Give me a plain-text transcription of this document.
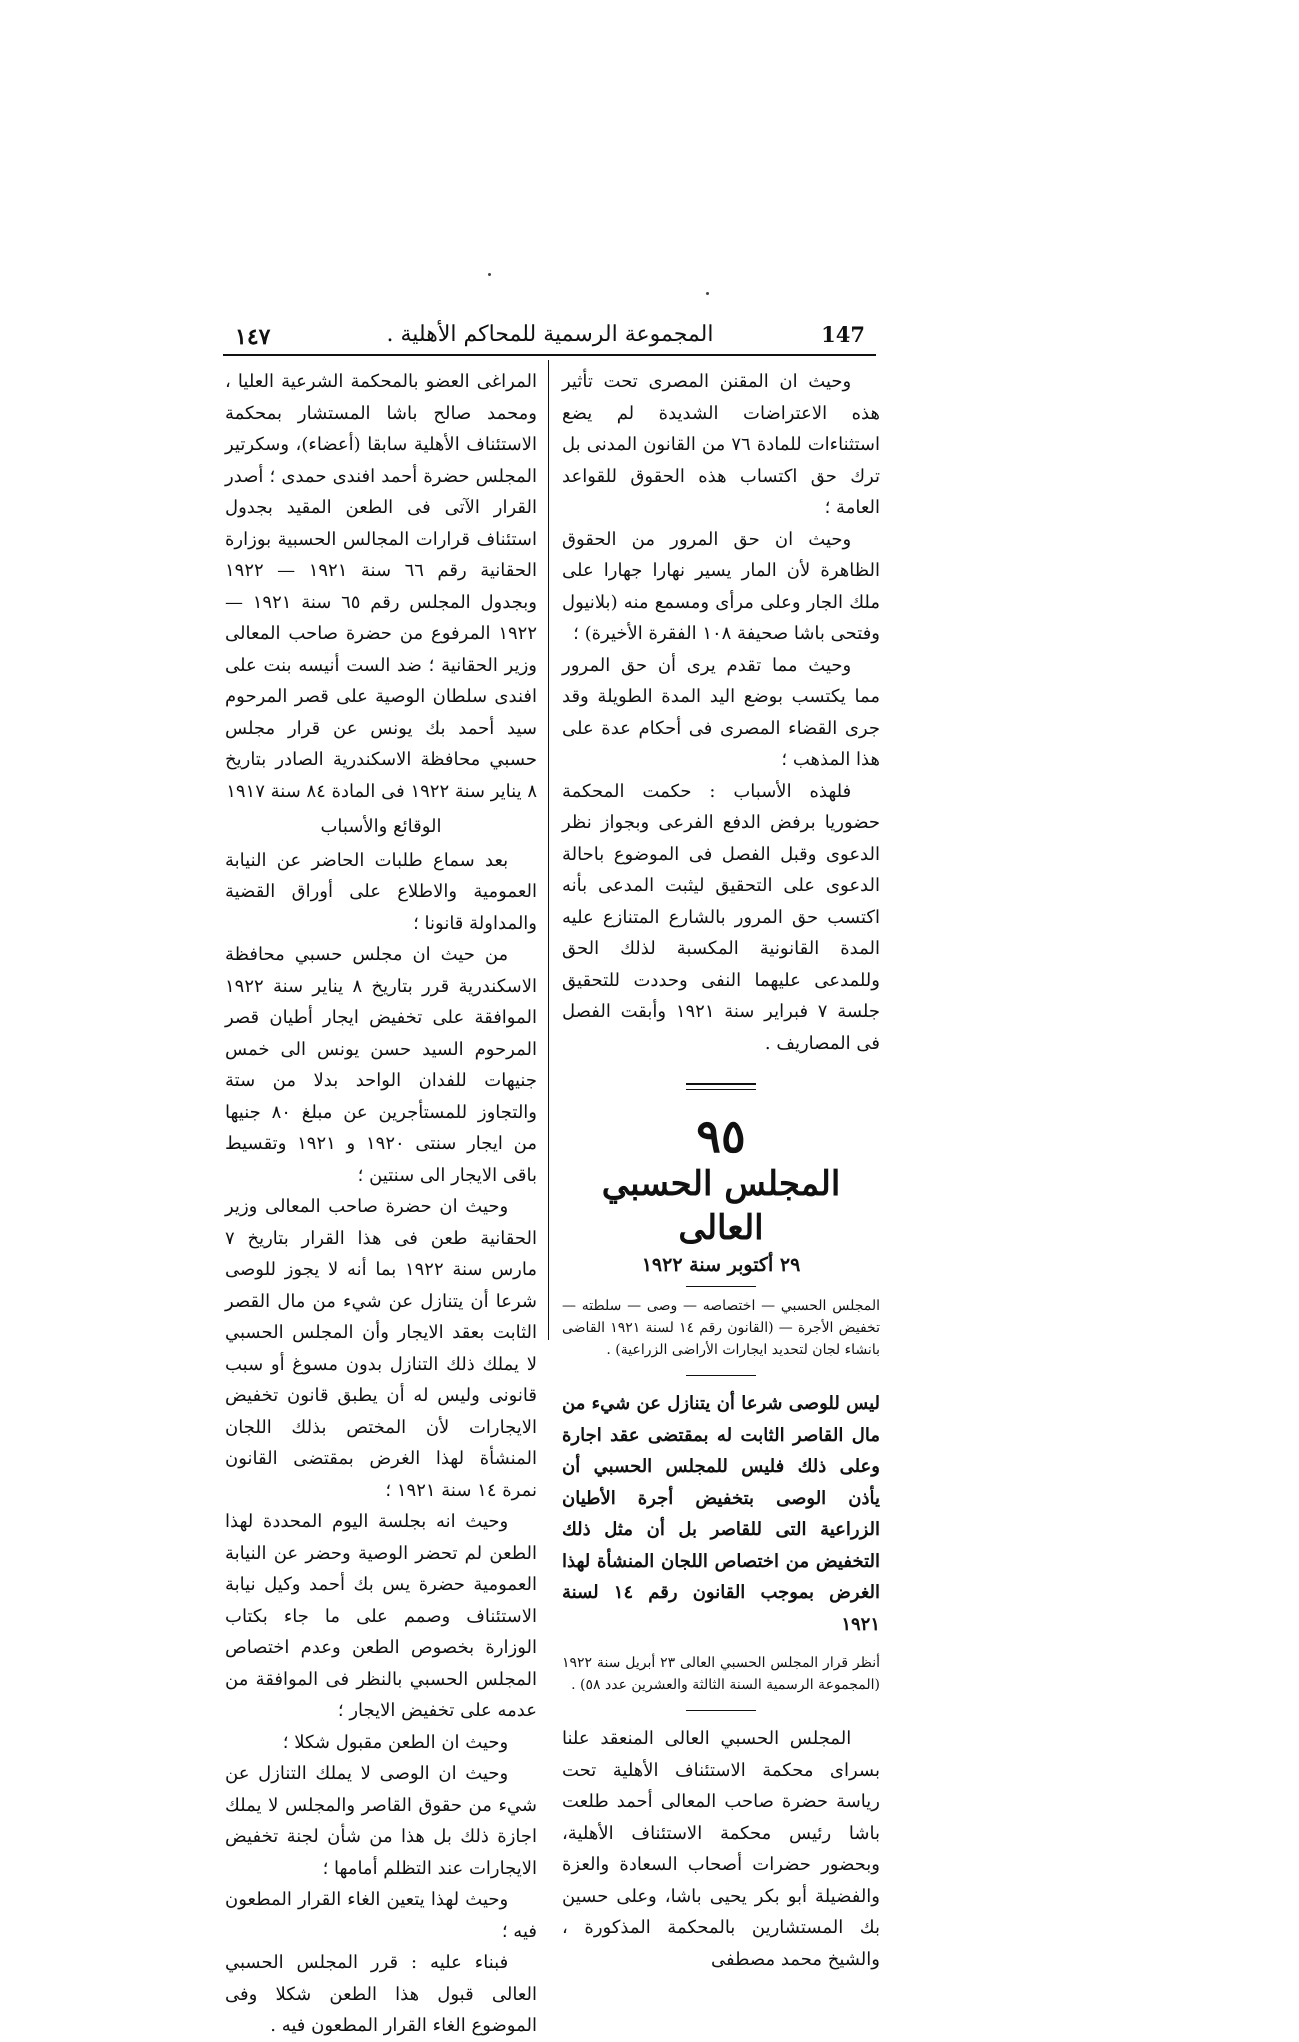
١٤٧	المجموعة الرسمية للمحاكم الأهلية .	147

وحيث ان المقنن المصرى تحت تأثير هذه الاعتراضات الشديدة لم يضع استثناءات للمادة ٧٦ من القانون المدنى بل ترك حق اكتساب هذه الحقوق للقواعد العامة ؛

وحيث ان حق المرور من الحقوق الظاهرة لأن المار يسير نهارا جهارا على ملك الجار وعلى مرأى ومسمع منه (بلانيول وفتحى باشا صحيفة ١٠٨ الفقرة الأخيرة) ؛

وحيث مما تقدم يرى أن حق المرور مما يكتسب بوضع اليد المدة الطويلة وقد جرى القضاء المصرى فى أحكام عدة على هذا المذهب ؛

فلهذه الأسباب : حكمت المحكمة حضوريا برفض الدفع الفرعى وبجواز نظر الدعوى وقبل الفصل فى الموضوع باحالة الدعوى على التحقيق ليثبت المدعى بأنه اكتسب حق المرور بالشارع المتنازع عليه المدة القانونية المكسبة لذلك الحق وللمدعى عليهما النفى وحددت للتحقيق جلسة ٧ فبراير سنة ١٩٢١ وأبقت الفصل فى المصاريف .

٩٥
المجلس الحسبي العالى
٢٩ أكتوبر سنة ١٩٢٢

المجلس الحسبي — اختصاصه — وصى — سلطته — تخفيض الأجرة — (القانون رقم ١٤ لسنة ١٩٢١ القاضى بانشاء لجان لتحديد ايجارات الأراضى الزراعية) .

ليس للوصى شرعا أن يتنازل عن شيء من مال القاصر الثابت له بمقتضى عقد اجارة وعلى ذلك فليس للمجلس الحسبي أن يأذن الوصى بتخفيض أجرة الأطيان الزراعية التى للقاصر بل أن مثل ذلك التخفيض من اختصاص اللجان المنشأة لهذا الغرض بموجب القانون رقم ١٤ لسنة ١٩٢١

أنظر قرار المجلس الحسبي العالى ٢٣ أبريل سنة ١٩٢٢ (المجموعة الرسمية السنة الثالثة والعشرين عدد ٥٨) .

المجلس الحسبي العالى المنعقد علنا بسراى محكمة الاستئناف الأهلية تحت رياسة حضرة صاحب المعالى أحمد طلعت باشا رئيس محكمة الاستئناف الأهلية، وبحضور حضرات أصحاب السعادة والعزة والفضيلة أبو بكر يحيى باشا، وعلى حسين بك المستشارين بالمحكمة المذكورة ، والشيخ محمد مصطفى

المراغى العضو بالمحكمة الشرعية العليا ، ومحمد صالح باشا المستشار بمحكمة الاستئناف الأهلية سابقا (أعضاء)، وسكرتير المجلس حضرة أحمد افندى حمدى ؛ أصدر القرار الآتى فى الطعن المقيد بجدول استئناف قرارات المجالس الحسبية بوزارة الحقانية رقم ٦٦ سنة ١٩٢١ — ١٩٢٢ وبجدول المجلس رقم ٦٥ سنة ١٩٢١ — ١٩٢٢ المرفوع من حضرة صاحب المعالى وزير الحقانية ؛ ضد الست أنيسه بنت على افندى سلطان الوصية على قصر المرحوم سيد أحمد بك يونس عن قرار مجلس حسبي محافظة الاسكندرية الصادر بتاريخ ٨ يناير سنة ١٩٢٢ فى المادة ٨٤ سنة ١٩١٧

الوقائع والأسباب

بعد سماع طلبات الحاضر عن النيابة العمومية والاطلاع على أوراق القضية والمداولة قانونا ؛

من حيث ان مجلس حسبي محافظة الاسكندرية قرر بتاريخ ٨ يناير سنة ١٩٢٢ الموافقة على تخفيض ايجار أطيان قصر المرحوم السيد حسن يونس الى خمس جنيهات للفدان الواحد بدلا من ستة والتجاوز للمستأجرين عن مبلغ ٨٠ جنيها من ايجار سنتى ١٩٢٠ و ١٩٢١ وتقسيط باقى الايجار الى سنتين ؛

وحيث ان حضرة صاحب المعالى وزير الحقانية طعن فى هذا القرار بتاريخ ٧ مارس سنة ١٩٢٢ بما أنه لا يجوز للوصى شرعا أن يتنازل عن شيء من مال القصر الثابت بعقد الايجار وأن المجلس الحسبي لا يملك ذلك التنازل بدون مسوغ أو سبب قانونى وليس له أن يطبق قانون تخفيض الايجارات لأن المختص بذلك اللجان المنشأة لهذا الغرض بمقتضى القانون نمرة ١٤ سنة ١٩٢١ ؛

وحيث انه بجلسة اليوم المحددة لهذا الطعن لم تحضر الوصية وحضر عن النيابة العمومية حضرة يس بك أحمد وكيل نيابة الاستئناف وصمم على ما جاء بكتاب الوزارة بخصوص الطعن وعدم اختصاص المجلس الحسبي بالنظر فى الموافقة من عدمه على تخفيض الايجار ؛

وحيث ان الطعن مقبول شكلا ؛

وحيث ان الوصى لا يملك التنازل عن شيء من حقوق القاصر والمجلس لا يملك اجازة ذلك بل هذا من شأن لجنة تخفيض الايجارات عند التظلم أمامها ؛

وحيث لهذا يتعين الغاء القرار المطعون فيه ؛

فبناء عليه : قرر المجلس الحسبي العالى قبول هذا الطعن شكلا وفى الموضوع الغاء القرار المطعون فيه .
